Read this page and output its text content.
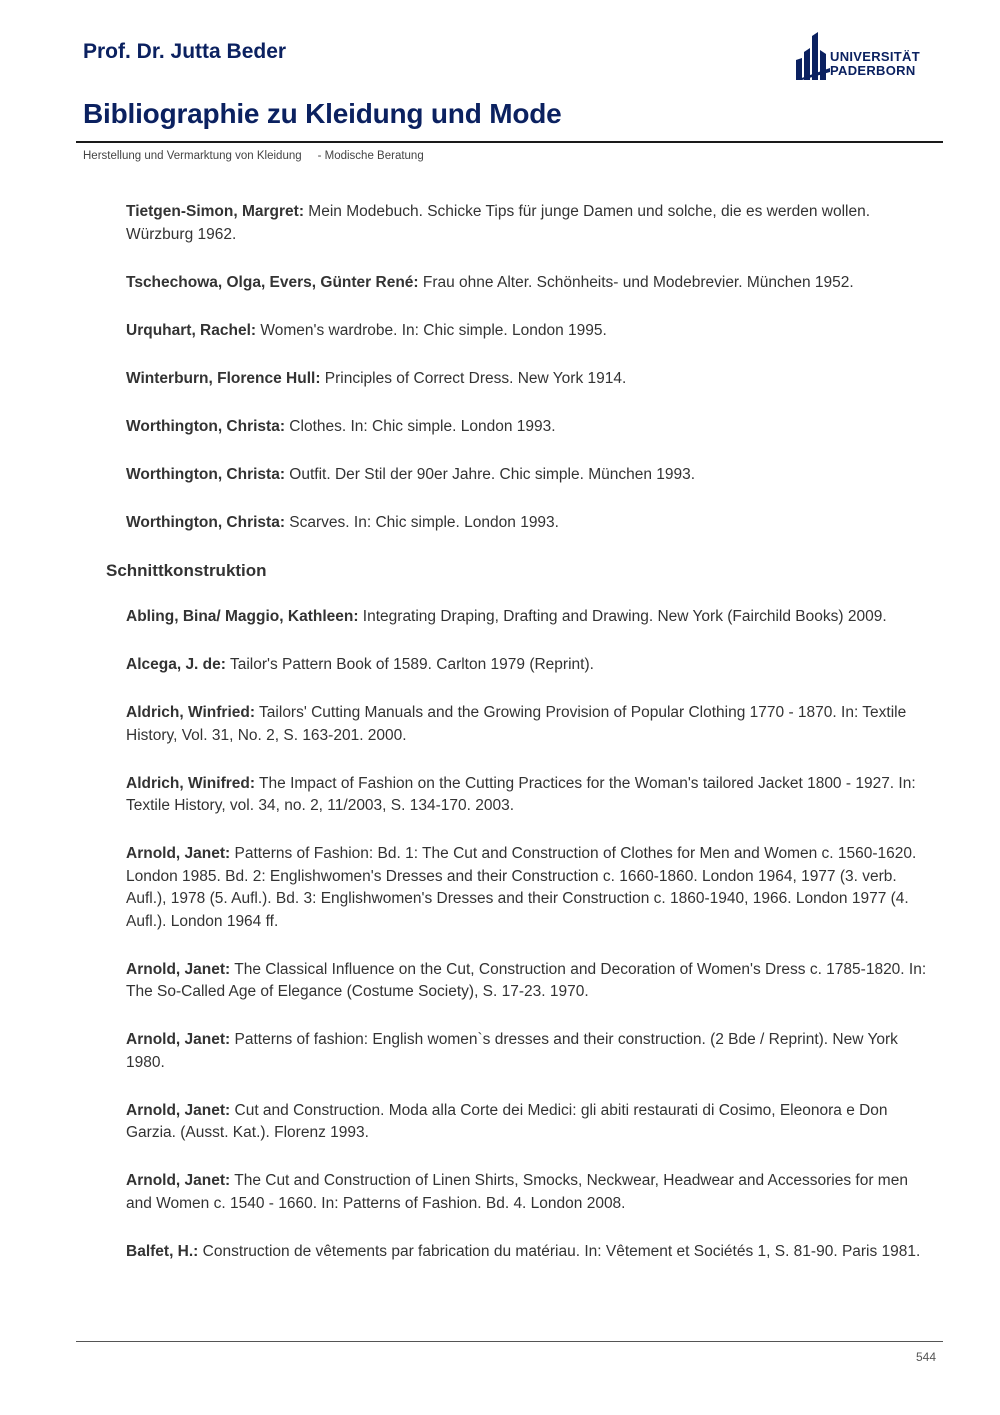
Prof. Dr. Jutta Beder	UNIVERSITÄT
PADERBORN
Bibliographie zu Kleidung und Mode
Herstellung und Vermarktung von Kleidung     - Modische Beratung

Tietgen-Simon, Margret: Mein Modebuch. Schicke Tips für junge Damen und solche, die es werden wollen. Würzburg 1962.

Tschechowa, Olga, Evers, Günter René: Frau ohne Alter. Schönheits- und Modebrevier. München 1952.

Urquhart, Rachel: Women's wardrobe. In: Chic simple. London 1995.

Winterburn, Florence Hull: Principles of Correct Dress. New York 1914.

Worthington, Christa: Clothes. In: Chic simple. London 1993.

Worthington, Christa: Outfit. Der Stil der 90er Jahre. Chic simple. München 1993.

Worthington, Christa: Scarves. In: Chic simple. London 1993.

Schnittkonstruktion

Abling, Bina/ Maggio, Kathleen: Integrating Draping, Drafting and Drawing. New York (Fairchild Books) 2009.

Alcega, J. de: Tailor's Pattern Book of 1589. Carlton 1979 (Reprint).

Aldrich, Winfried: Tailors' Cutting Manuals and the Growing Provision of Popular Clothing 1770 - 1870. In: Textile History, Vol. 31, No. 2, S. 163-201. 2000.

Aldrich, Winifred: The Impact of Fashion on the Cutting Practices for the Woman's tailored Jacket 1800 - 1927. In: Textile History, vol. 34, no. 2, 11/2003, S. 134-170. 2003.

Arnold, Janet: Patterns of Fashion: Bd. 1: The Cut and Construction of Clothes for Men and Women c. 1560-1620. London 1985. Bd. 2: Englishwomen's Dresses and their Construction c. 1660-1860. London 1964, 1977 (3. verb. Aufl.), 1978 (5. Aufl.). Bd. 3: Englishwomen's Dresses and their Construction c. 1860-1940, 1966. London 1977 (4. Aufl.). London 1964 ff.

Arnold, Janet: The Classical Influence on the Cut, Construction and Decoration of Women's Dress c. 1785-1820. In: The So-Called Age of Elegance (Costume Society), S. 17-23. 1970.

Arnold, Janet: Patterns of fashion: English women`s dresses and their construction. (2 Bde / Reprint). New York 1980.

Arnold, Janet: Cut and Construction. Moda alla Corte dei Medici: gli abiti restaurati di Cosimo, Eleonora e Don Garzia. (Ausst. Kat.). Florenz 1993.

Arnold, Janet: The Cut and Construction of Linen Shirts, Smocks, Neckwear, Headwear and Accessories for men and Women c. 1540 - 1660. In: Patterns of Fashion. Bd. 4. London 2008.

Balfet, H.: Construction de vêtements par fabrication du matériau. In: Vêtement et Sociétés 1, S. 81-90. Paris 1981.

544
